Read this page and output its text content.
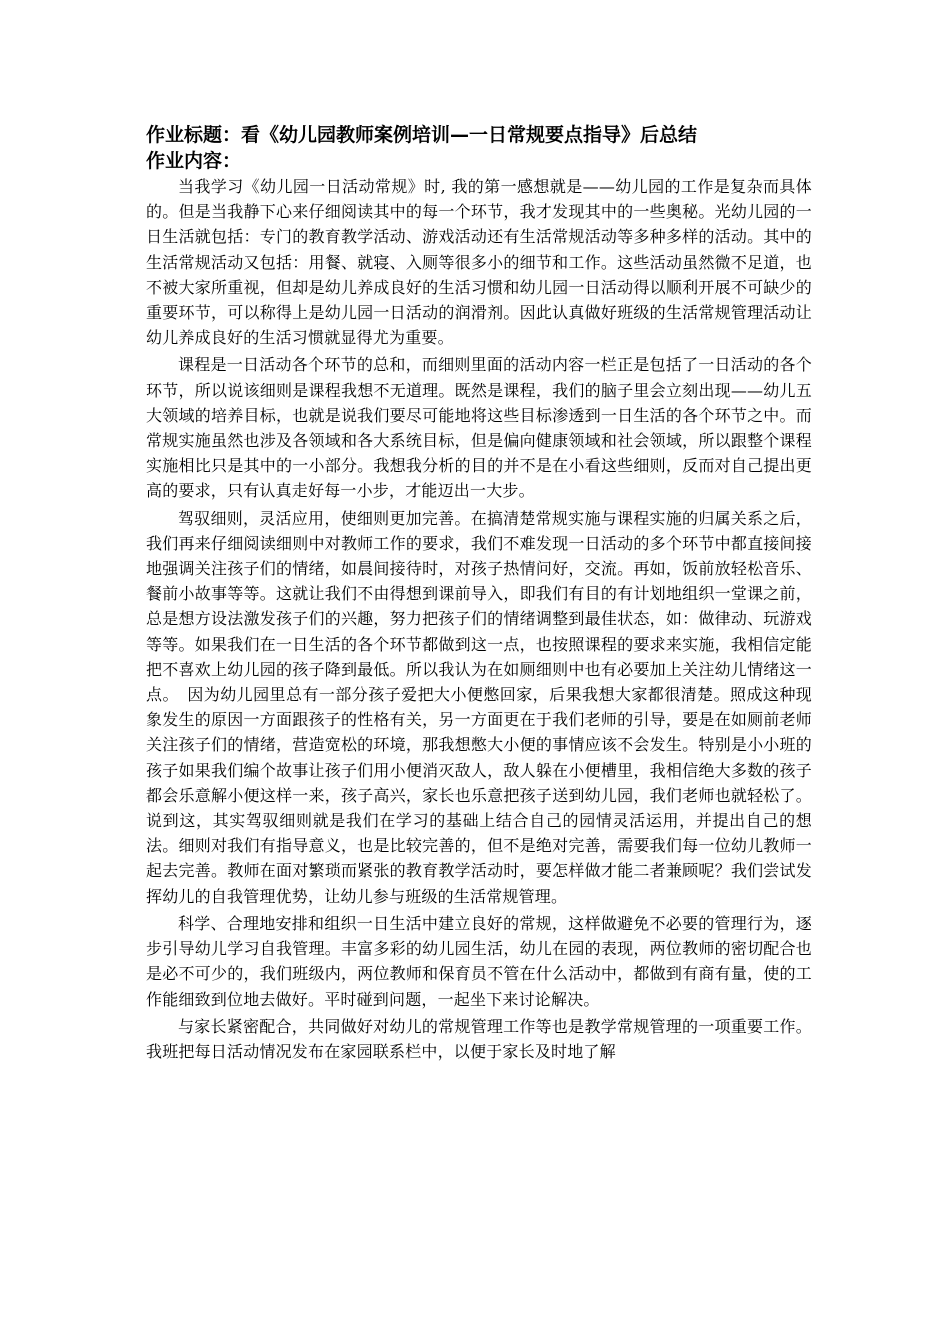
作业标题：看《幼儿园教师案例培训—一日常规要点指导》后总结
作业内容：

当我学习《幼儿园一日活动常规》时, 我的第一感想就是——幼儿园的工作是复杂而具体的。但是当我静下心来仔细阅读其中的每一个环节，我才发现其中的一些奥秘。光幼儿园的一日生活就包括：专门的教育教学活动、游戏活动还有生活常规活动等多种多样的活动。其中的生活常规活动又包括：用餐、就寝、入厕等很多小的细节和工作。这些活动虽然微不足道，也不被大家所重视，但却是幼儿养成良好的生活习惯和幼儿园一日活动得以顺利开展不可缺少的重要环节，可以称得上是幼儿园一日活动的润滑剂。因此认真做好班级的生活常规管理活动让幼儿养成良好的生活习惯就显得尤为重要。

课程是一日活动各个环节的总和，而细则里面的活动内容一栏正是包括了一日活动的各个环节，所以说该细则是课程我想不无道理。既然是课程，我们的脑子里会立刻出现——幼儿五大领域的培养目标，也就是说我们要尽可能地将这些目标渗透到一日生活的各个环节之中。而常规实施虽然也涉及各领域和各大系统目标，但是偏向健康领域和社会领域，所以跟整个课程实施相比只是其中的一小部分。我想我分析的目的并不是在小看这些细则，反而对自己提出更高的要求，只有认真走好每一小步，才能迈出一大步。

驾驭细则，灵活应用，使细则更加完善。在搞清楚常规实施与课程实施的归属关系之后，我们再来仔细阅读细则中对教师工作的要求，我们不难发现一日活动的多个环节中都直接间接地强调关注孩子们的情绪，如晨间接待时，对孩子热情问好，交流。再如，饭前放轻松音乐、餐前小故事等等。这就让我们不由得想到课前导入，即我们有目的有计划地组织一堂课之前，总是想方设法激发孩子们的兴趣，努力把孩子们的情绪调整到最佳状态，如：做律动、玩游戏等等。如果我们在一日生活的各个环节都做到这一点，也按照课程的要求来实施，我相信定能把不喜欢上幼儿园的孩子降到最低。所以我认为在如厕细则中也有必要加上关注幼儿情绪这一点。　因为幼儿园里总有一部分孩子爱把大小便憋回家，后果我想大家都很清楚。照成这种现象发生的原因一方面跟孩子的性格有关，另一方面更在于我们老师的引导，要是在如厕前老师关注孩子们的情绪，营造宽松的环境，那我想憋大小便的事情应该不会发生。特别是小小班的孩子如果我们编个故事让孩子们用小便消灭敌人，敌人躲在小便槽里，我相信绝大多数的孩子都会乐意解小便这样一来，孩子高兴，家长也乐意把孩子送到幼儿园，我们老师也就轻松了。说到这，其实驾驭细则就是我们在学习的基础上结合自己的园情灵活运用，并提出自己的想法。细则对我们有指导意义，也是比较完善的，但不是绝对完善，需要我们每一位幼儿教师一起去完善。教师在面对繁琐而紧张的教育教学活动时，要怎样做才能二者兼顾呢？我们尝试发挥幼儿的自我管理优势，让幼儿参与班级的生活常规管理。

科学、合理地安排和组织一日生活中建立良好的常规，这样做避免不必要的管理行为，逐步引导幼儿学习自我管理。丰富多彩的幼儿园生活，幼儿在园的表现，两位教师的密切配合也是必不可少的，我们班级内，两位教师和保育员不管在什么活动中，都做到有商有量，使的工作能细致到位地去做好。平时碰到问题，一起坐下来讨论解决。

与家长紧密配合，共同做好对幼儿的常规管理工作等也是教学常规管理的一项重要工作。我班把每日活动情况发布在家园联系栏中，以便于家长及时地了解
